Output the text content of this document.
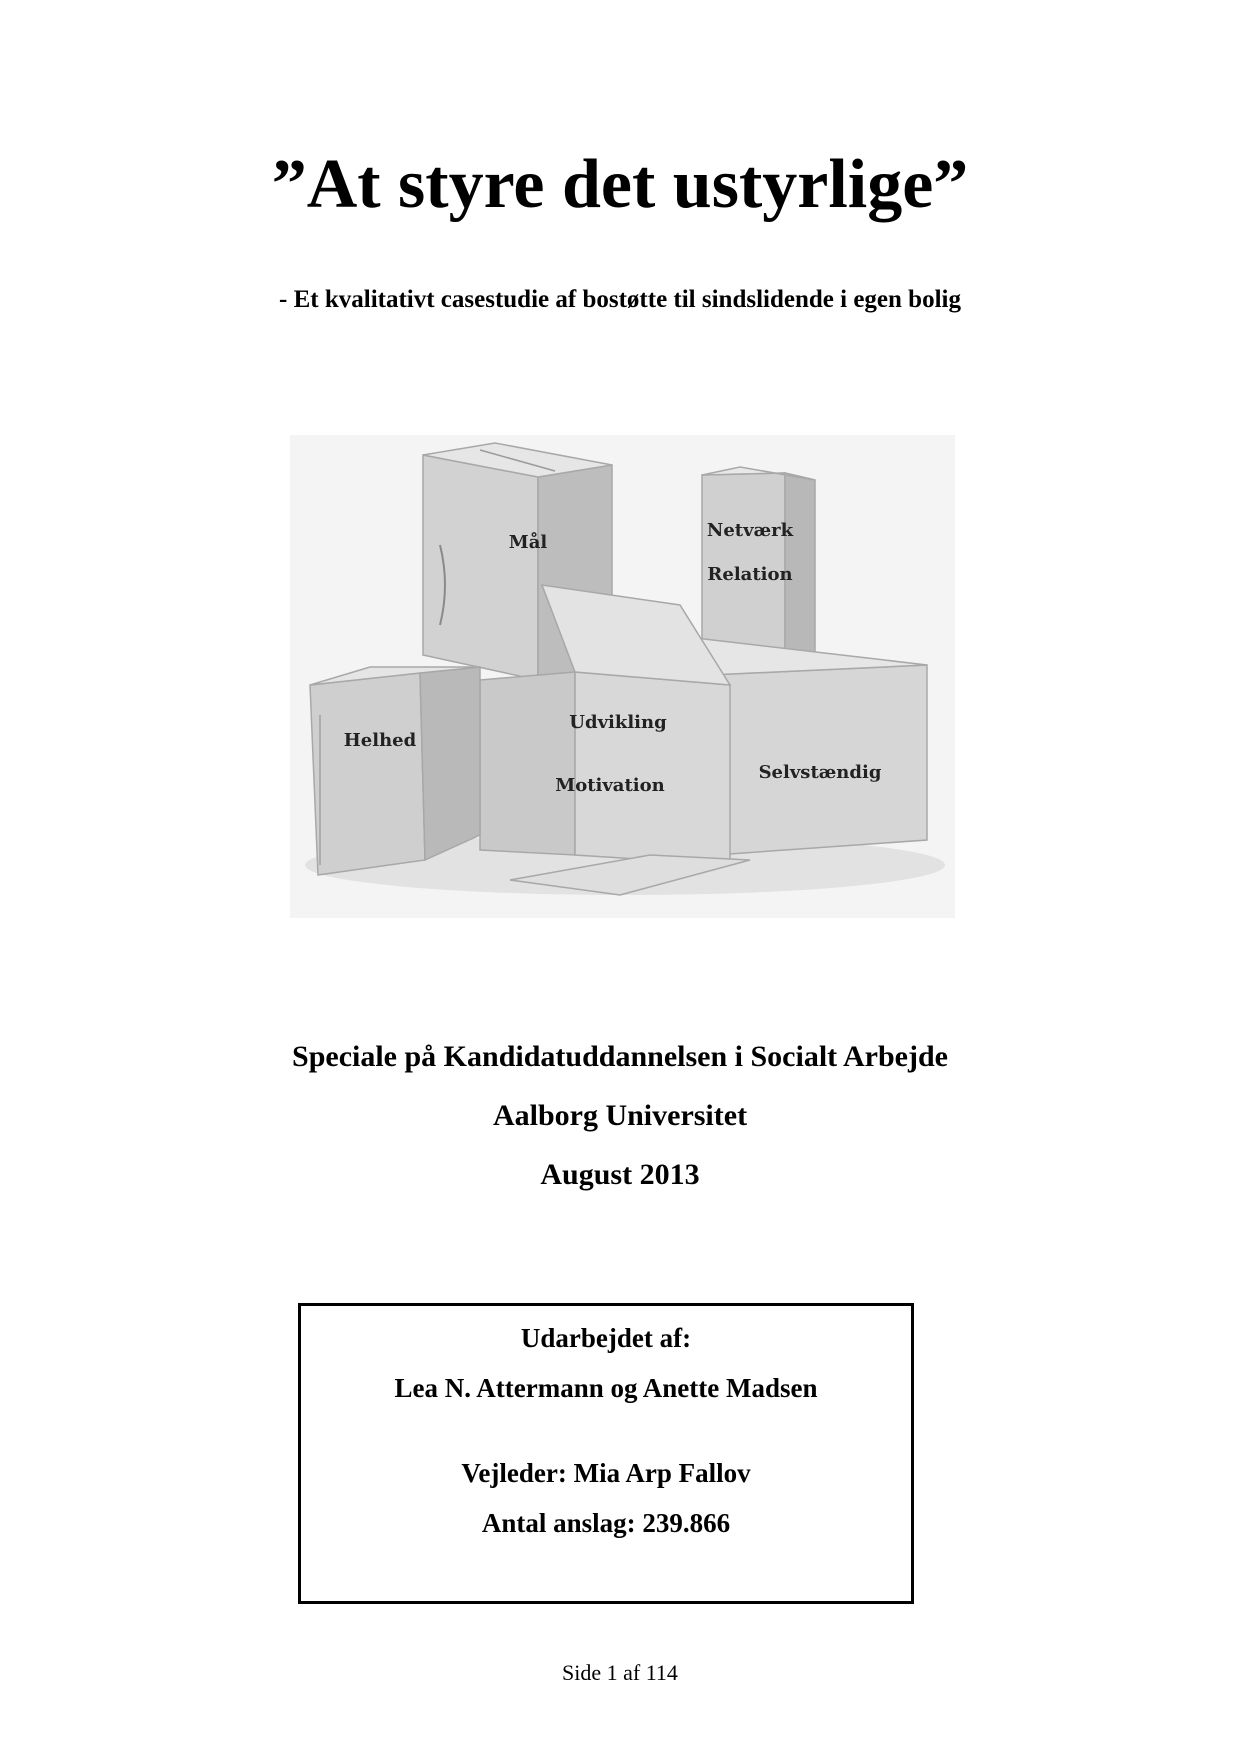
”At styre det ustyrlige”
- Et kvalitativt casestudie af bostøtte til sindslidende i egen bolig
Mål
Netværk
Relation
Helhed
Udvikling
Motivation
Selvstændig
Speciale på Kandidatuddannelsen i Socialt Arbejde
Aalborg Universitet
August 2013
Udarbejdet af:
Lea N. Attermann og Anette Madsen
Vejleder: Mia Arp Fallov
Antal anslag: 239.866
Side 1 af 114
